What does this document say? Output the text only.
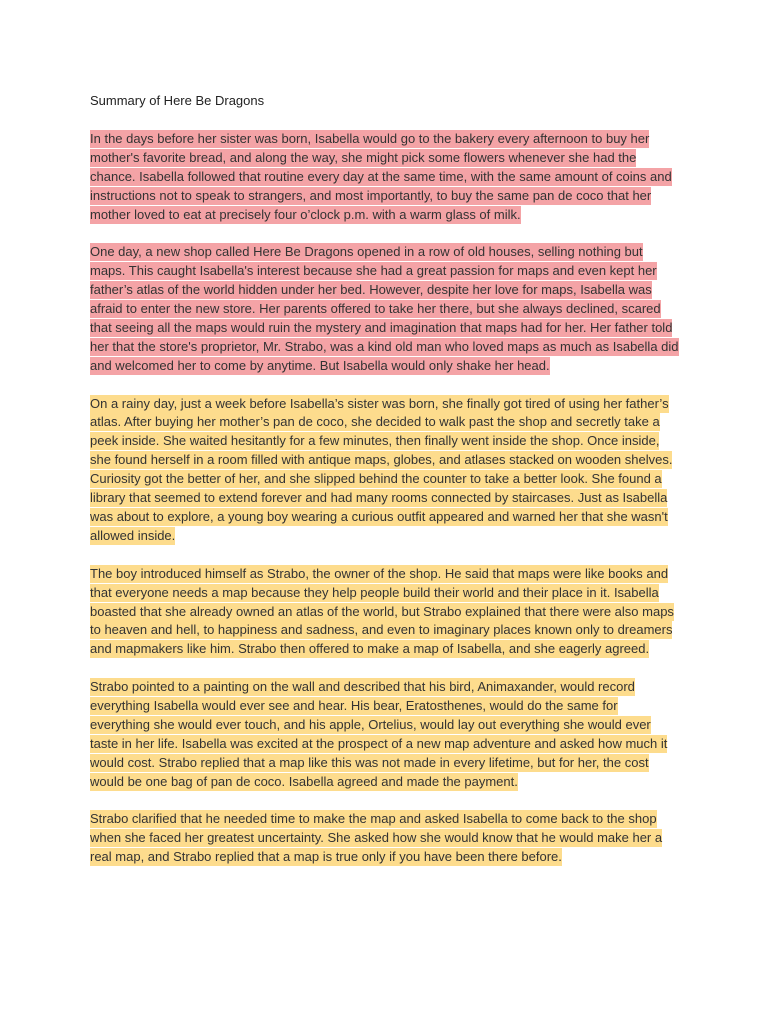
Summary of Here Be Dragons

In the days before her sister was born, Isabella would go to the bakery every afternoon to buy her mother's favorite bread, and along the way, she might pick some flowers whenever she had the chance. Isabella followed that routine every day at the same time, with the same amount of coins and instructions not to speak to strangers, and most importantly, to buy the same pan de coco that her mother loved to eat at precisely four o’clock p.m. with a warm glass of milk.

One day, a new shop called Here Be Dragons opened in a row of old houses, selling nothing but maps. This caught Isabella's interest because she had a great passion for maps and even kept her father’s atlas of the world hidden under her bed. However, despite her love for maps, Isabella was afraid to enter the new store. Her parents offered to take her there, but she always declined, scared that seeing all the maps would ruin the mystery and imagination that maps had for her. Her father told her that the store's proprietor, Mr. Strabo, was a kind old man who loved maps as much as Isabella did and welcomed her to come by anytime. But Isabella would only shake her head.

On a rainy day, just a week before Isabella’s sister was born, she finally got tired of using her father’s atlas. After buying her mother’s pan de coco, she decided to walk past the shop and secretly take a peek inside. She waited hesitantly for a few minutes, then finally went inside the shop. Once inside, she found herself in a room filled with antique maps, globes, and atlases stacked on wooden shelves. Curiosity got the better of her, and she slipped behind the counter to take a better look. She found a library that seemed to extend forever and had many rooms connected by staircases. Just as Isabella was about to explore, a young boy wearing a curious outfit appeared and warned her that she wasn't allowed inside.

The boy introduced himself as Strabo, the owner of the shop. He said that maps were like books and that everyone needs a map because they help people build their world and their place in it. Isabella boasted that she already owned an atlas of the world, but Strabo explained that there were also maps to heaven and hell, to happiness and sadness, and even to imaginary places known only to dreamers and mapmakers like him. Strabo then offered to make a map of Isabella, and she eagerly agreed.

Strabo pointed to a painting on the wall and described that his bird, Animaxander, would record everything Isabella would ever see and hear. His bear, Eratosthenes, would do the same for everything she would ever touch, and his apple, Ortelius, would lay out everything she would ever taste in her life. Isabella was excited at the prospect of a new map adventure and asked how much it would cost. Strabo replied that a map like this was not made in every lifetime, but for her, the cost would be one bag of pan de coco. Isabella agreed and made the payment.

Strabo clarified that he needed time to make the map and asked Isabella to come back to the shop when she faced her greatest uncertainty. She asked how she would know that he would make her a real map, and Strabo replied that a map is true only if you have been there before.
